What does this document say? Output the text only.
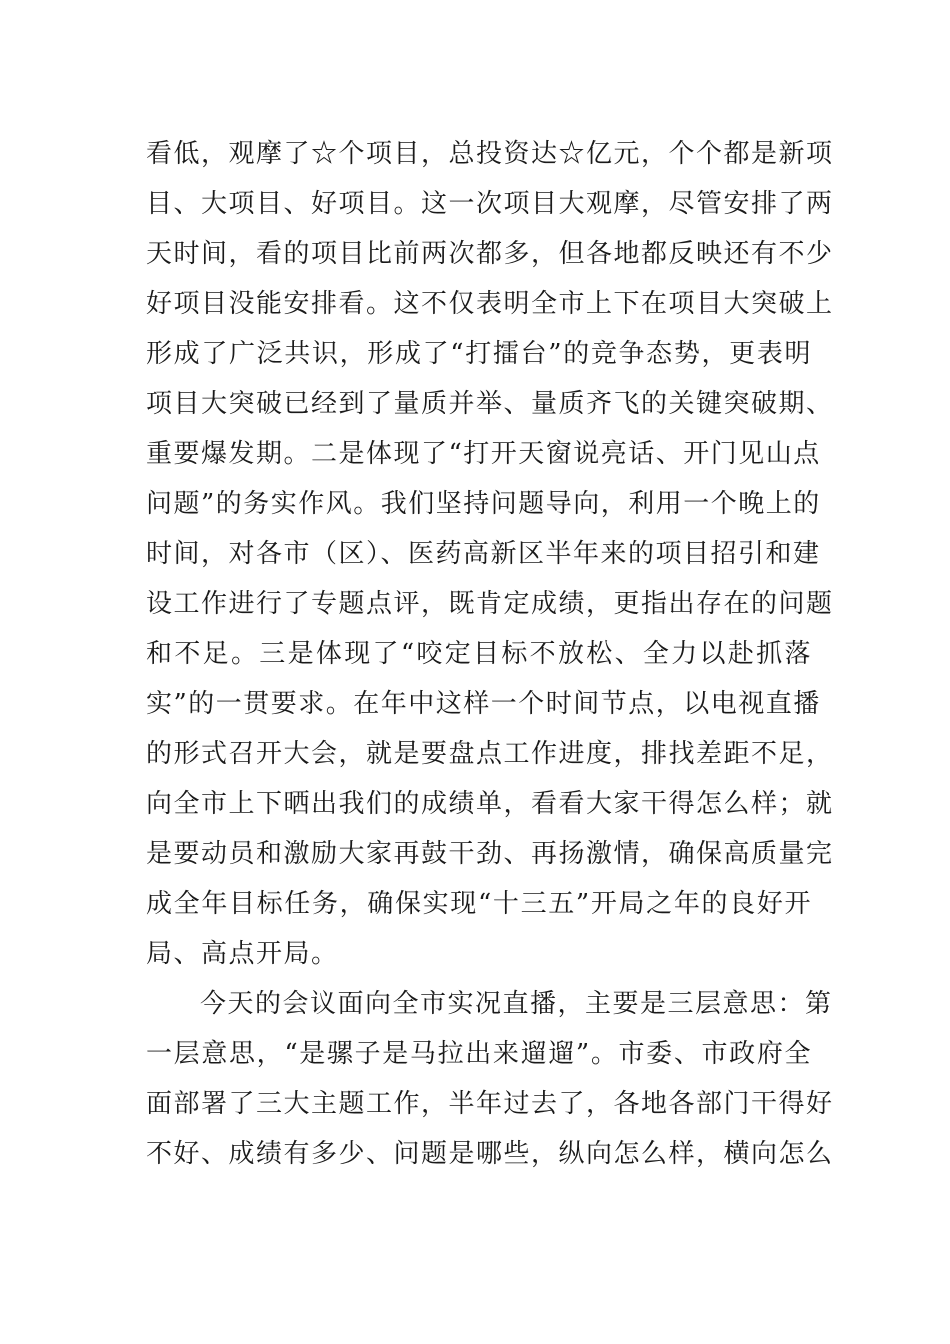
看低，观摩了☆个项目，总投资达☆亿元，个个都是新项
目、大项目、好项目。这一次项目大观摩，尽管安排了两
天时间，看的项目比前两次都多，但各地都反映还有不少
好项目没能安排看。这不仅表明全市上下在项目大突破上
形成了广泛共识，形成了“打擂台”的竞争态势，更表明
项目大突破已经到了量质并举、量质齐飞的关键突破期、
重要爆发期。二是体现了“打开天窗说亮话、开门见山点
问题”的务实作风。我们坚持问题导向，利用一个晚上的
时间，对各市（区）、医药高新区半年来的项目招引和建
设工作进行了专题点评，既肯定成绩，更指出存在的问题
和不足。三是体现了“咬定目标不放松、全力以赴抓落
实”的一贯要求。在年中这样一个时间节点，以电视直播
的形式召开大会，就是要盘点工作进度，排找差距不足，
向全市上下晒出我们的成绩单，看看大家干得怎么样；就
是要动员和激励大家再鼓干劲、再扬激情，确保高质量完
成全年目标任务，确保实现“十三五”开局之年的良好开
局、高点开局。
今天的会议面向全市实况直播，主要是三层意思：第
一层意思，“是骡子是马拉出来遛遛”。市委、市政府全
面部署了三大主题工作，半年过去了，各地各部门干得好
不好、成绩有多少、问题是哪些，纵向怎么样，横向怎么
